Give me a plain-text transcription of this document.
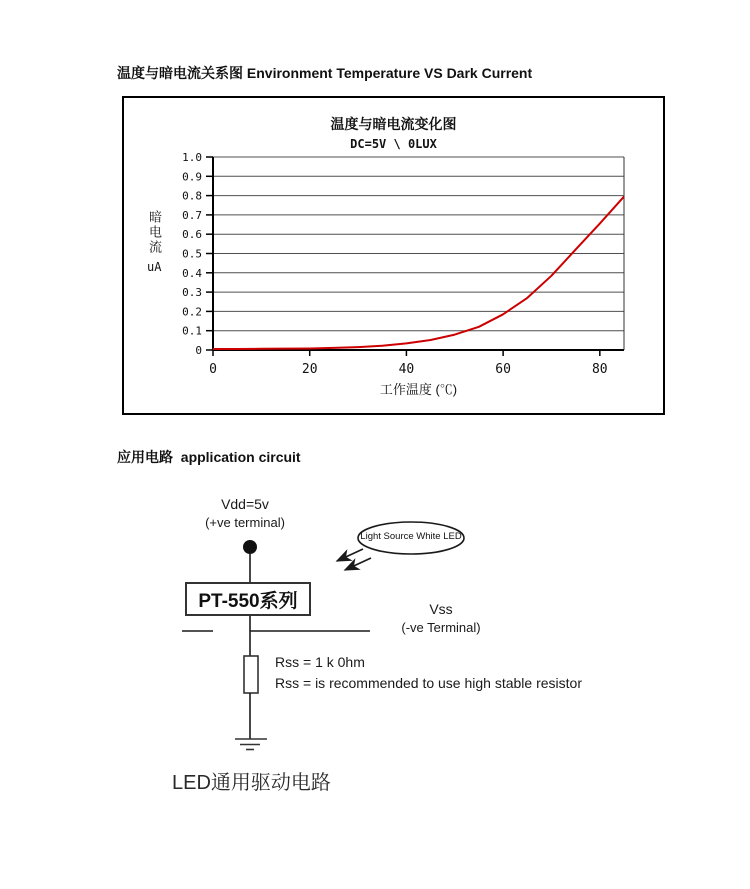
温度与暗电流关系图 Environment Temperature VS Dark Current
温度与暗电流变化图
DC=5V \ 0LUX
0
0.1
0.2
0.3
0.4
0.5
0.6
0.7
0.8
0.9
1.0
0	20	40	60	80
暗电流
uA
工作温度 (℃)
应用电路  application circuit
Vdd=5v
(+ve terminal)
PT-550系列
Light Source White LED
Vss
(-ve Terminal)
Rss = 1 k 0hm
Rss = is recommended to use high stable resistor
LED通用驱动电路
